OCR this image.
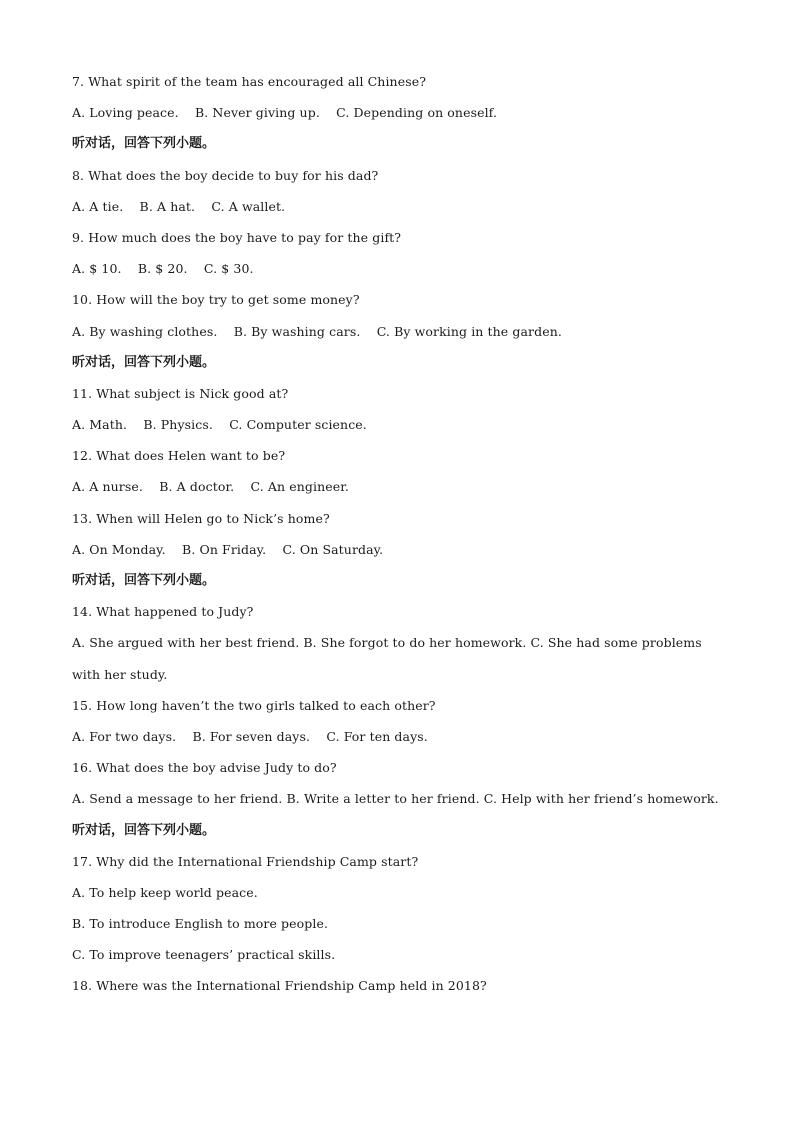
7. What spirit of the team has encouraged all Chinese?
A. Loving peace.    B. Never giving up.    C. Depending on oneself.
听对话，回答下列小题。
8. What does the boy decide to buy for his dad?
A. A tie.    B. A hat.    C. A wallet.
9. How much does the boy have to pay for the gift?
A. $ 10.    B. $ 20.    C. $ 30.
10. How will the boy try to get some money?
A. By washing clothes.    B. By washing cars.    C. By working in the garden.
听对话，回答下列小题。
11. What subject is Nick good at?
A. Math.    B. Physics.    C. Computer science.
12. What does Helen want to be?
A. A nurse.    B. A doctor.    C. An engineer.
13. When will Helen go to Nick’s home?
A. On Monday.    B. On Friday.    C. On Saturday.
听对话，回答下列小题。
14. What happened to Judy?
A. She argued with her best friend. B. She forgot to do her homework. C. She had some problems with her study.
15. How long haven’t the two girls talked to each other?
A. For two days.    B. For seven days.    C. For ten days.
16. What does the boy advise Judy to do?
A. Send a message to her friend. B. Write a letter to her friend. C. Help with her friend’s homework.
听对话，回答下列小题。
17. Why did the International Friendship Camp start?
A. To help keep world peace.
B. To introduce English to more people.
C. To improve teenagers’ practical skills.
18. Where was the International Friendship Camp held in 2018?
